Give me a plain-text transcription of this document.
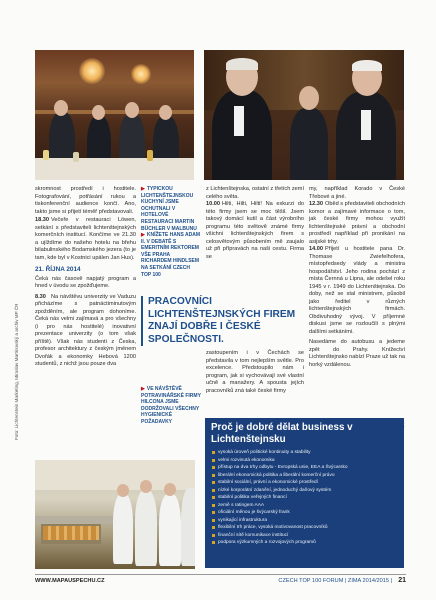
Foto: Lichtenstein Marketing, Miroslav Martinovský a archiv MP ČR

skromnost prostředí i hostitele. Fotografování, potřásání rukou a tiskonferenční audience končí. Ano, takto jsme si přijetí téměř představovali.

18.30 Večeře v restauraci Löwen, setkání s představiteli lichtenštejnských komerčních institucí. Končíme ve 21.30 a ujíždíme do našeho hotelu na břehu bilabulinského Bodamského jezera (to je tam, kde byl v Kostnici upálen Jan Hus).

21. ŘÍJNA 2014

Čeká nás časově napjatý program a hned v úvodu se zpožďujeme.

8.30 Na návštěvu univerzity ve Vaduzu přicházíme s patnáctiminutovým zpožděním, ale program dohoníme. Čeká nás velmi zajímavá a pro všechny (i pro nás hostitelé) inovativní prezentace univerzity (o tom však příště). Však nás studenti z Česka, profesor architektury z českým jménem Dvořák a ekonomky Hebová 1200 studentů, z nichž jsou pouze dva

▶ TYPICKOU LICHTENŠTEJNSKOU KUCHYNÍ JSME OCHUTNALI V HOTELOVÉ RESTAURACI MARTIN BÜCHLER V MALBUNU
▶ KNÍŽETE HANS ADAM II. V DEBATĚ S EMERITNÍM REKTOREM VŠE PRAHA RICHARDEM HINDLSEM NA SETKÁNÍ CZECH TOP 100
▶ VE NÁVŠTĚVĚ POTRAVINÁŘSKÉ FIRMY HILCONA JSME DODRŽOVALI VŠECHNY HYGIENICKÉ POŽADAVKY

z Lichtenštejnska, ostatní z třetích zemí celého světa.

10.00 Hilti, Hilti, Hilti! Na exkurzi do této firmy jsem se moc těšil. Jsem takový domácí kutil a část výrobního programu této světově známé firmy všichni lichtenštejnských firem s celosvětovým působením mě zaujalo už při přípravách na naši cestu. Firma se

PRACOVNÍCI LICHTENŠTEJNSKÝCH FIREM ZNAJÍ DOBŘE I ČESKÉ SPOLEČNOSTI.

zastoupením i v Čechách se představila v tom nejlepším světle. Pro excelence. Předstoupilo nám i program, jak si vychovávají své vlastní učně a manažery. A spousta jejích pracovníků zná také české firmy

my, například Korado v České Třebové a jiné.

12.30 Oběd s představiteli obchodních komor a zajímavé informace o tom, jak české firmy mohou využít lichtenštejnské právní a obchodní prostředí například při pronikání na asijské trhy.

14.00 Přijetí u hostitele pana Dr. Thomase Zwiefelhofera, místopředsedy vlády a ministra hospodářství. Jeho rodina pochází z místa Černná u Lipna, ale odešel roku 1945 v r. 1949 do Lichtenštejnska. Do doby, než se stal ministrem, působil jako ředitel v různých lichtenštejnských firmách. Obdivuhodný vývoj. V příjemné diskusi jsme se rozloučili s plnými dalšími setkáními.

Nasedáme do autobusu a jedeme zpět do Prahy. Knížectví Lichtenštejnsko nabízí Praze už tak na horký vzdálenou.

Proč je dobré dělat business v Lichtenštejnsku
vysoká úroveň politické kontinuity a stability
velmi rozvinutá ekonomika
přístup na dva trhy odbytu - Evropská unie, EEA a Švýcarsko
liberální ekonomická politika a liberální komerční právo
stabilní sociální, právní a ekonomické prostředí
nízké korporátní zdanění, jednoduchý daňový systém
stabilní politika veřejných financí
země s ratingem AAA
oficiální měnou je švýcarský frank
vynikající infrastruktura
flexibilní trh práce, vysoká motivovanost pracovníků
finanční sítě komunikace institucí
podpora výzkumných a rozvojových programů
WWW.MAPAUSPECHU.CZ	CZECH TOP 100 FORUM | ZIMA 2014/2015 | 21
